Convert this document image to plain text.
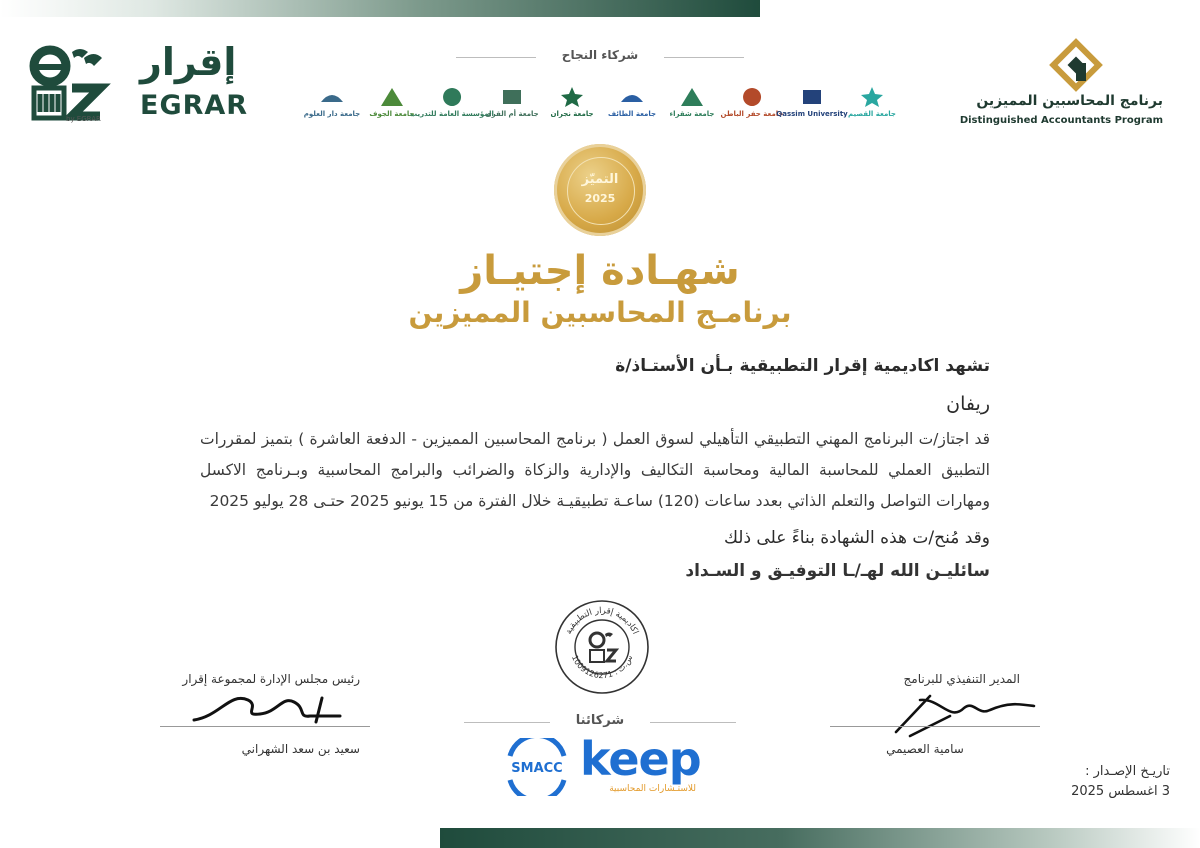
إقرار
EGRAR
by EGRAR
برنامج المحاسبين المميزين
Distinguished Accountants Program
شركاء النجاح
جامعة دار العلوم جامعة الجوف
المؤسسة العامة للتدريب
جامعة أم القرى جامعة نجران جامعة الطائف جامعة شقراء جامعة حفر الباطن
Qassim University جامعة القصيم
التميّز
2025
شهـادة إجتيـاز
برنامـج المحاسبين المميزين
تشهد اكاديمية إقرار التطبيقية بـأن الأستـاذ/ة
ريفان
قد اجتاز/ت البرنامج المهني التطبيقي التأهيلي لسوق العمل ( برنامج المحاسبين المميزين - الدفعة العاشرة ) بتميز لمقررات التطبيق العملي للمحاسبة المالية ومحاسبة التكاليف والإدارية والزكاة والضرائب والبرامج المحاسبية وبـرنامج الاكسل ومهارات التواصل والتعلم الذاتي بعدد ساعات (120) ساعـة تطبيقيـة خلال الفترة من 15 يونيو 2025 حتـى 28 يوليو 2025
وقد مُنح/ت هذه الشهادة بناءً على ذلك
سائليـن الله لهـ/ـا التوفيـق و السـداد
اكاديمية إقرار التطبيقية
س.ت : 1009126271
رئيس مجلس الإدارة لمجموعة إقرار
سعيد بن سعد الشهراني
المدير التنفيذي للبرنامج
سامية العصيمي
شركائنا
SMACC keep
للاستـشارات المحاسبية
تاريـخ الإصـدار :
3 اغسطس 2025
